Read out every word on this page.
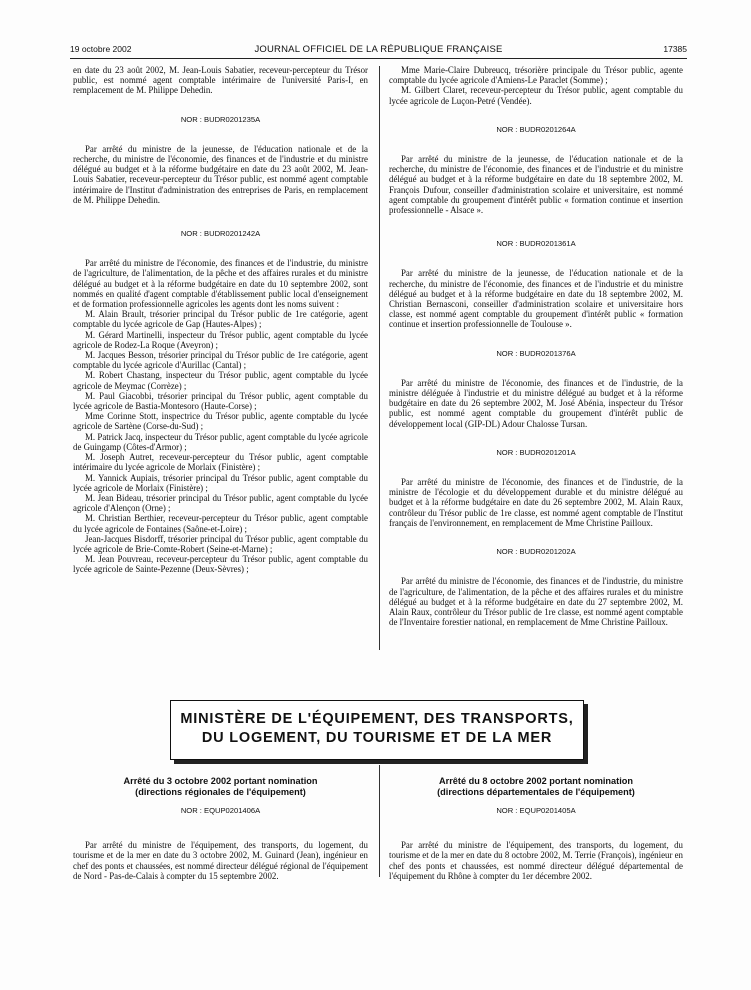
19 octobre 2002	JOURNAL OFFICIEL DE LA RÉPUBLIQUE FRANÇAISE	17385

en date du 23 août 2002, M. Jean-Louis Sabatier, receveur-percepteur du Trésor public, est nommé agent comptable intérimaire de l'université Paris-I, en remplacement de M. Philippe Dehedin.

NOR : BUDR0201235A

Par arrêté du ministre de la jeunesse, de l'éducation nationale et de la recherche, du ministre de l'économie, des finances et de l'industrie et du ministre délégué au budget et à la réforme budgétaire en date du 23 août 2002, M. Jean-Louis Sabatier, receveur-percepteur du Trésor public, est nommé agent comptable intérimaire de l'Institut d'administration des entreprises de Paris, en remplacement de M. Philippe Dehedin.

NOR : BUDR0201242A

Par arrêté du ministre de l'économie, des finances et de l'industrie, du ministre de l'agriculture, de l'alimentation, de la pêche et des affaires rurales et du ministre délégué au budget et à la réforme budgétaire en date du 10 septembre 2002, sont nommés en qualité d'agent comptable d'établissement public local d'enseignement et de formation professionnelle agricoles les agents dont les noms suivent :

M. Alain Brault, trésorier principal du Trésor public de 1re catégorie, agent comptable du lycée agricole de Gap (Hautes-Alpes) ;

M. Gérard Martinelli, inspecteur du Trésor public, agent comptable du lycée agricole de Rodez-La Roque (Aveyron) ;

M. Jacques Besson, trésorier principal du Trésor public de 1re catégorie, agent comptable du lycée agricole d'Aurillac (Cantal) ;

M. Robert Chastang, inspecteur du Trésor public, agent comptable du lycée agricole de Meymac (Corrèze) ;

M. Paul Giacobbi, trésorier principal du Trésor public, agent comptable du lycée agricole de Bastia-Montesoro (Haute-Corse) ;

Mme Corinne Stott, inspectrice du Trésor public, agente comptable du lycée agricole de Sartène (Corse-du-Sud) ;

M. Patrick Jacq, inspecteur du Trésor public, agent comptable du lycée agricole de Guingamp (Côtes-d'Armor) ;

M. Joseph Autret, receveur-percepteur du Trésor public, agent comptable intérimaire du lycée agricole de Morlaix (Finistère) ;

M. Yannick Aupiais, trésorier principal du Trésor public, agent comptable du lycée agricole de Morlaix (Finistère) ;

M. Jean Bideau, trésorier principal du Trésor public, agent comptable du lycée agricole d'Alençon (Orne) ;

M. Christian Berthier, receveur-percepteur du Trésor public, agent comptable du lycée agricole de Fontaines (Saône-et-Loire) ;

Jean-Jacques Bisdorff, trésorier principal du Trésor public, agent comptable du lycée agricole de Brie-Comte-Robert (Seine-et-Marne) ;

M. Jean Pouvreau, receveur-percepteur du Trésor public, agent comptable du lycée agricole de Sainte-Pezenne (Deux-Sèvres) ;

Mme Marie-Claire Dubreucq, trésorière principale du Trésor public, agente comptable du lycée agricole d'Amiens-Le Paraclet (Somme) ;

M. Gilbert Claret, receveur-percepteur du Trésor public, agent comptable du lycée agricole de Luçon-Petré (Vendée).

NOR : BUDR0201264A

Par arrêté du ministre de la jeunesse, de l'éducation nationale et de la recherche, du ministre de l'économie, des finances et de l'industrie et du ministre délégué au budget et à la réforme budgétaire en date du 18 septembre 2002, M. François Dufour, conseiller d'administration scolaire et universitaire, est nommé agent comptable du groupement d'intérêt public « formation continue et insertion professionnelle - Alsace ».

NOR : BUDR0201361A

Par arrêté du ministre de la jeunesse, de l'éducation nationale et de la recherche, du ministre de l'économie, des finances et de l'industrie et du ministre délégué au budget et à la réforme budgétaire en date du 18 septembre 2002, M. Christian Bernasconi, conseiller d'administration scolaire et universitaire hors classe, est nommé agent comptable du groupement d'intérêt public « formation continue et insertion professionnelle de Toulouse ».

NOR : BUDR0201376A

Par arrêté du ministre de l'économie, des finances et de l'industrie, de la ministre déléguée à l'industrie et du ministre délégué au budget et à la réforme budgétaire en date du 26 septembre 2002, M. José Abénia, inspecteur du Trésor public, est nommé agent comptable du groupement d'intérêt public de développement local (GIP-DL) Adour Chalosse Tursan.

NOR : BUDR0201201A

Par arrêté du ministre de l'économie, des finances et de l'industrie, de la ministre de l'écologie et du développement durable et du ministre délégué au budget et à la réforme budgétaire en date du 26 septembre 2002, M. Alain Raux, contrôleur du Trésor public de 1re classe, est nommé agent comptable de l'Institut français de l'environnement, en remplacement de Mme Christine Pailloux.

NOR : BUDR0201202A

Par arrêté du ministre de l'économie, des finances et de l'industrie, du ministre de l'agriculture, de l'alimentation, de la pêche et des affaires rurales et du ministre délégué au budget et à la réforme budgétaire en date du 27 septembre 2002, M. Alain Raux, contrôleur du Trésor public de 1re classe, est nommé agent comptable de l'Inventaire forestier national, en remplacement de Mme Christine Pailloux.

MINISTÈRE DE L'ÉQUIPEMENT, DES TRANSPORTS,
DU LOGEMENT, DU TOURISME ET DE LA MER
Arrêté du 3 octobre 2002 portant nomination
(directions régionales de l'équipement)
NOR : EQUP0201406A

Par arrêté du ministre de l'équipement, des transports, du logement, du tourisme et de la mer en date du 3 octobre 2002, M. Guinard (Jean), ingénieur en chef des ponts et chaussées, est nommé directeur délégué régional de l'équipement de Nord - Pas-de-Calais à compter du 15 septembre 2002.

Arrêté du 8 octobre 2002 portant nomination
(directions départementales de l'équipement)
NOR : EQUP0201405A

Par arrêté du ministre de l'équipement, des transports, du logement, du tourisme et de la mer en date du 8 octobre 2002, M. Terrie (François), ingénieur en chef des ponts et chaussées, est nommé directeur délégué départemental de l'équipement du Rhône à compter du 1er décembre 2002.
